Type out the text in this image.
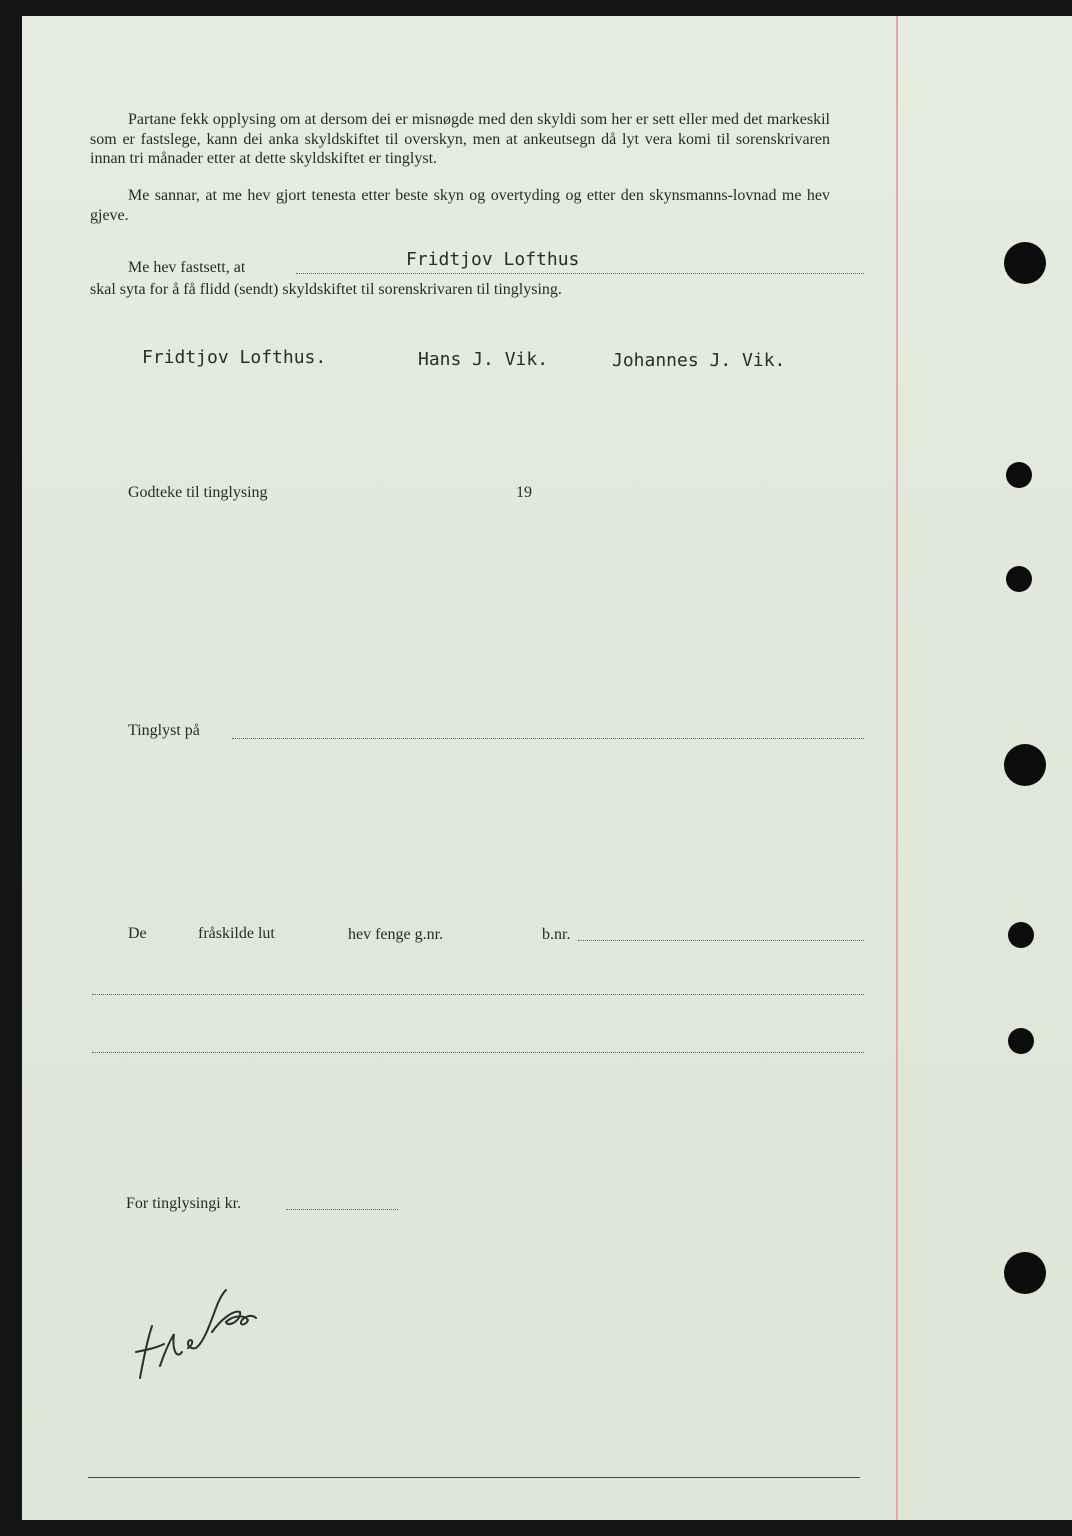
Partane fekk opplysing om at dersom dei er misnøgde med den skyldi som her er sett eller med det markeskil som er fastslege, kann dei anka skyldskiftet til overskyn, men at ankeutsegn då lyt vera komi til sorenskrivaren innan tri månader etter at dette skyldskiftet er tinglyst.

Me sannar, at me hev gjort tenesta etter beste skyn og overtyding og etter den skynsmanns-lovnad me hev gjeve.

Me hev fastsett, at	Fridtjov Lofthus
skal syta for å få flidd (sendt) skyldskiftet til sorenskrivaren til tinglysing.
Fridtjov Lofthus.	Hans J. Vik.	Johannes J. Vik.
Godteke til tinglysing	19
Tinglyst på
De	fråskilde lut	hev fenge g.nr.	b.nr.
For tinglysingi kr.
